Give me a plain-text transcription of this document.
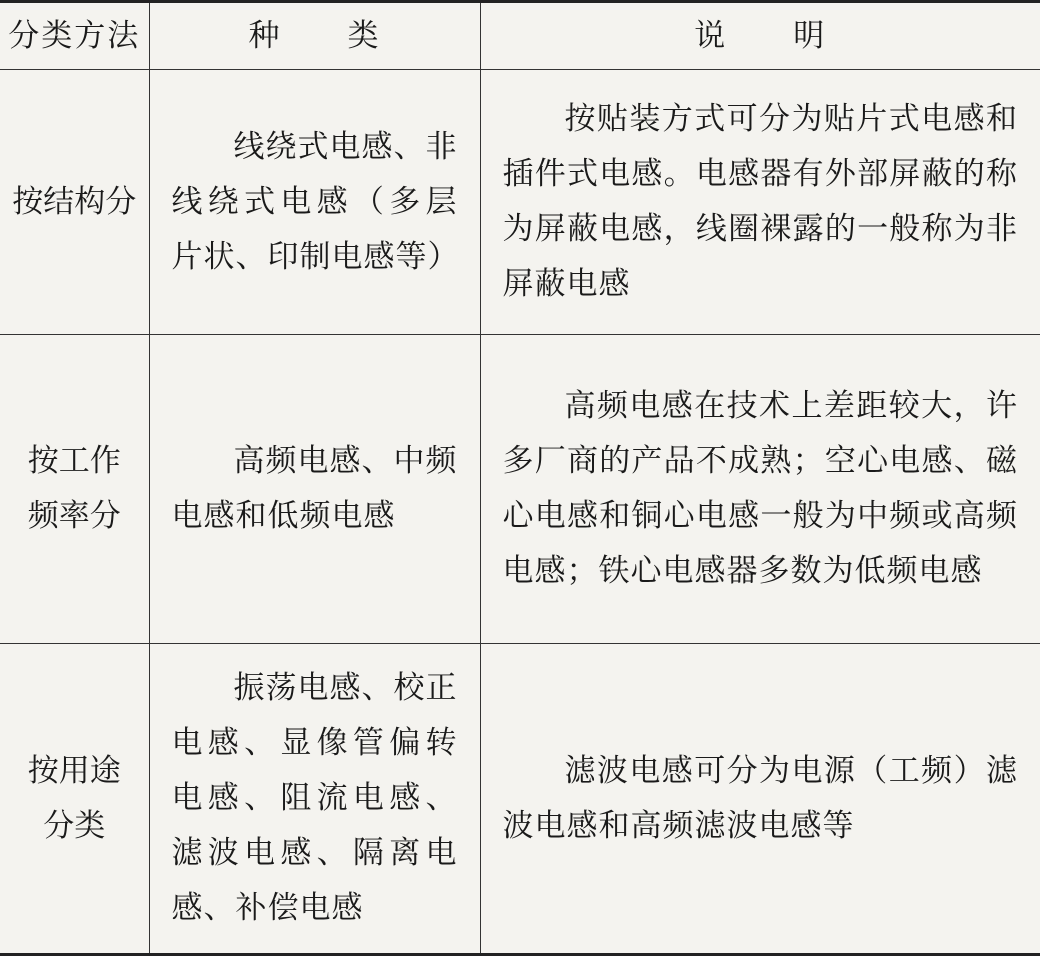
分类方法	种　　类	说　　明
按结构分	线绕式电感、非线绕式电感（多层片状、印制电感等）	按贴装方式可分为贴片式电感和插件式电感。电感器有外部屏蔽的称为屏蔽电感，线圈裸露的一般称为非屏蔽电感

按工作频率分	高频电感、中频电感和低频电感	高频电感在技术上差距较大，许多厂商的产品不成熟；空心电感、磁心电感和铜心电感一般为中频或高频电感；铁心电感器多数为低频电感

按用途分类	振荡电感、校正电感、显像管偏转电感、阻流电感、滤波电感、隔离电感、补偿电感	滤波电感可分为电源（工频）滤波电感和高频滤波电感等
